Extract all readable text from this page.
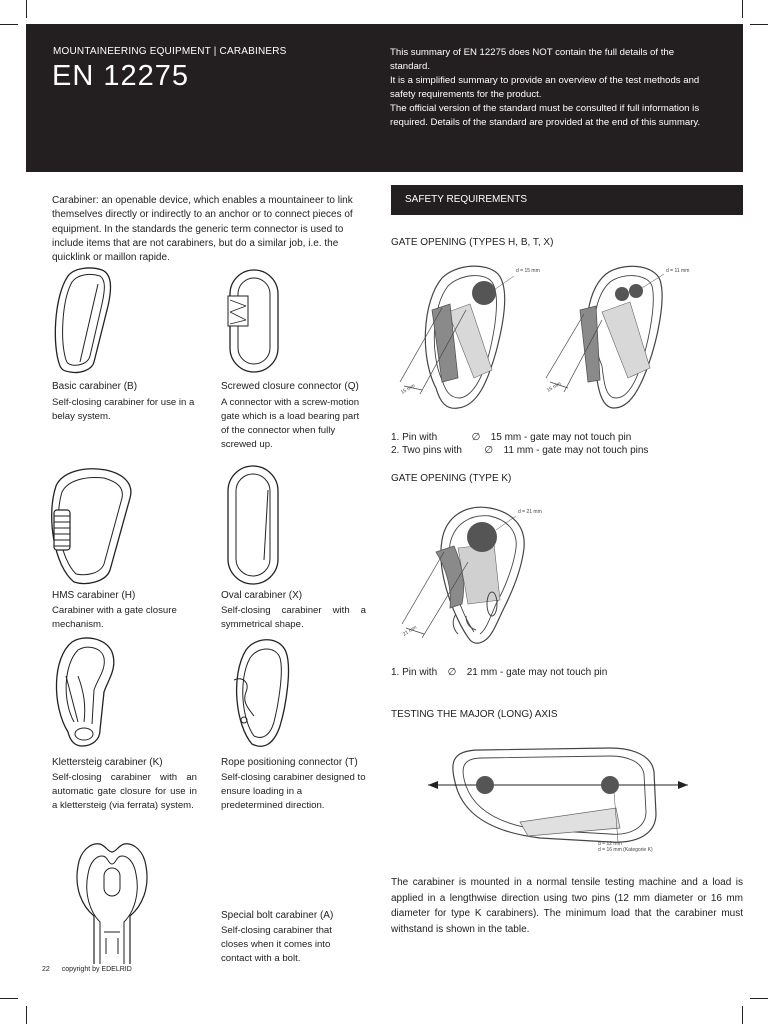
MOUNTAINEERING EQUIPMENT | CARABINERS
EN 12275

This summary of EN 12275 does NOT contain the full details of the standard.

It is a simplified summary to provide an overview of the test methods and safety requirements for the product.

The official version of the standard must be consulted if full information is required. Details of the standard are provided at the end of this summary.

Carabiner: an openable device, which enables a mountaineer to link themselves directly or indirectly to an anchor or to connect pieces of equipment. In the standards the generic term connector is used to include items that are not carabiners, but do a similar job, i.e. the quicklink or maillon rapide.
Basic carabiner (B)
Self-closing carabiner for use in a belay system.
Screwed closure connector (Q)
A connector with a screw-motion gate which is a load bearing part of the connector when fully screwed up.
HMS carabiner (H)
Carabiner with a gate closure mechanism.
Oval carabiner (X)
Self-closing carabiner with a symmetrical shape.
Klettersteig carabiner (K)
Self-closing carabiner with an automatic gate closure for use in a klettersteig (via ferrata) system.
Rope positioning connector (T)
Self-closing carabiner designed to ensure loading in a predetermined direction.
Special bolt carabiner (A)
Self-closing carabiner that closes when it comes into contact with a bolt.
SAFETY REQUIREMENTS
GATE OPENING (TYPES H, B, T, X)
d = 15 mm
15 mm
d = 11 mm
15 mm
1. Pin with	∅ 15 mm - gate may not touch pin
2. Two pins with ∅ 11 mm - gate may not touch pins
GATE OPENING (TYPE K)
d = 21 mm
21 mm
1. Pin with ∅ 21 mm - gate may not touch pin
TESTING THE MAJOR (LONG) AXIS
d = 12 mm
d = 16 mm (Kategorie K)
The carabiner is mounted in a normal tensile testing machine and a load is applied in a lengthwise direction using two pins (12 mm diameter or 16 mm diameter for type K carabiners). The minimum load that the carabiner must withstand is shown in the table.
22 copyright by EDELRID
